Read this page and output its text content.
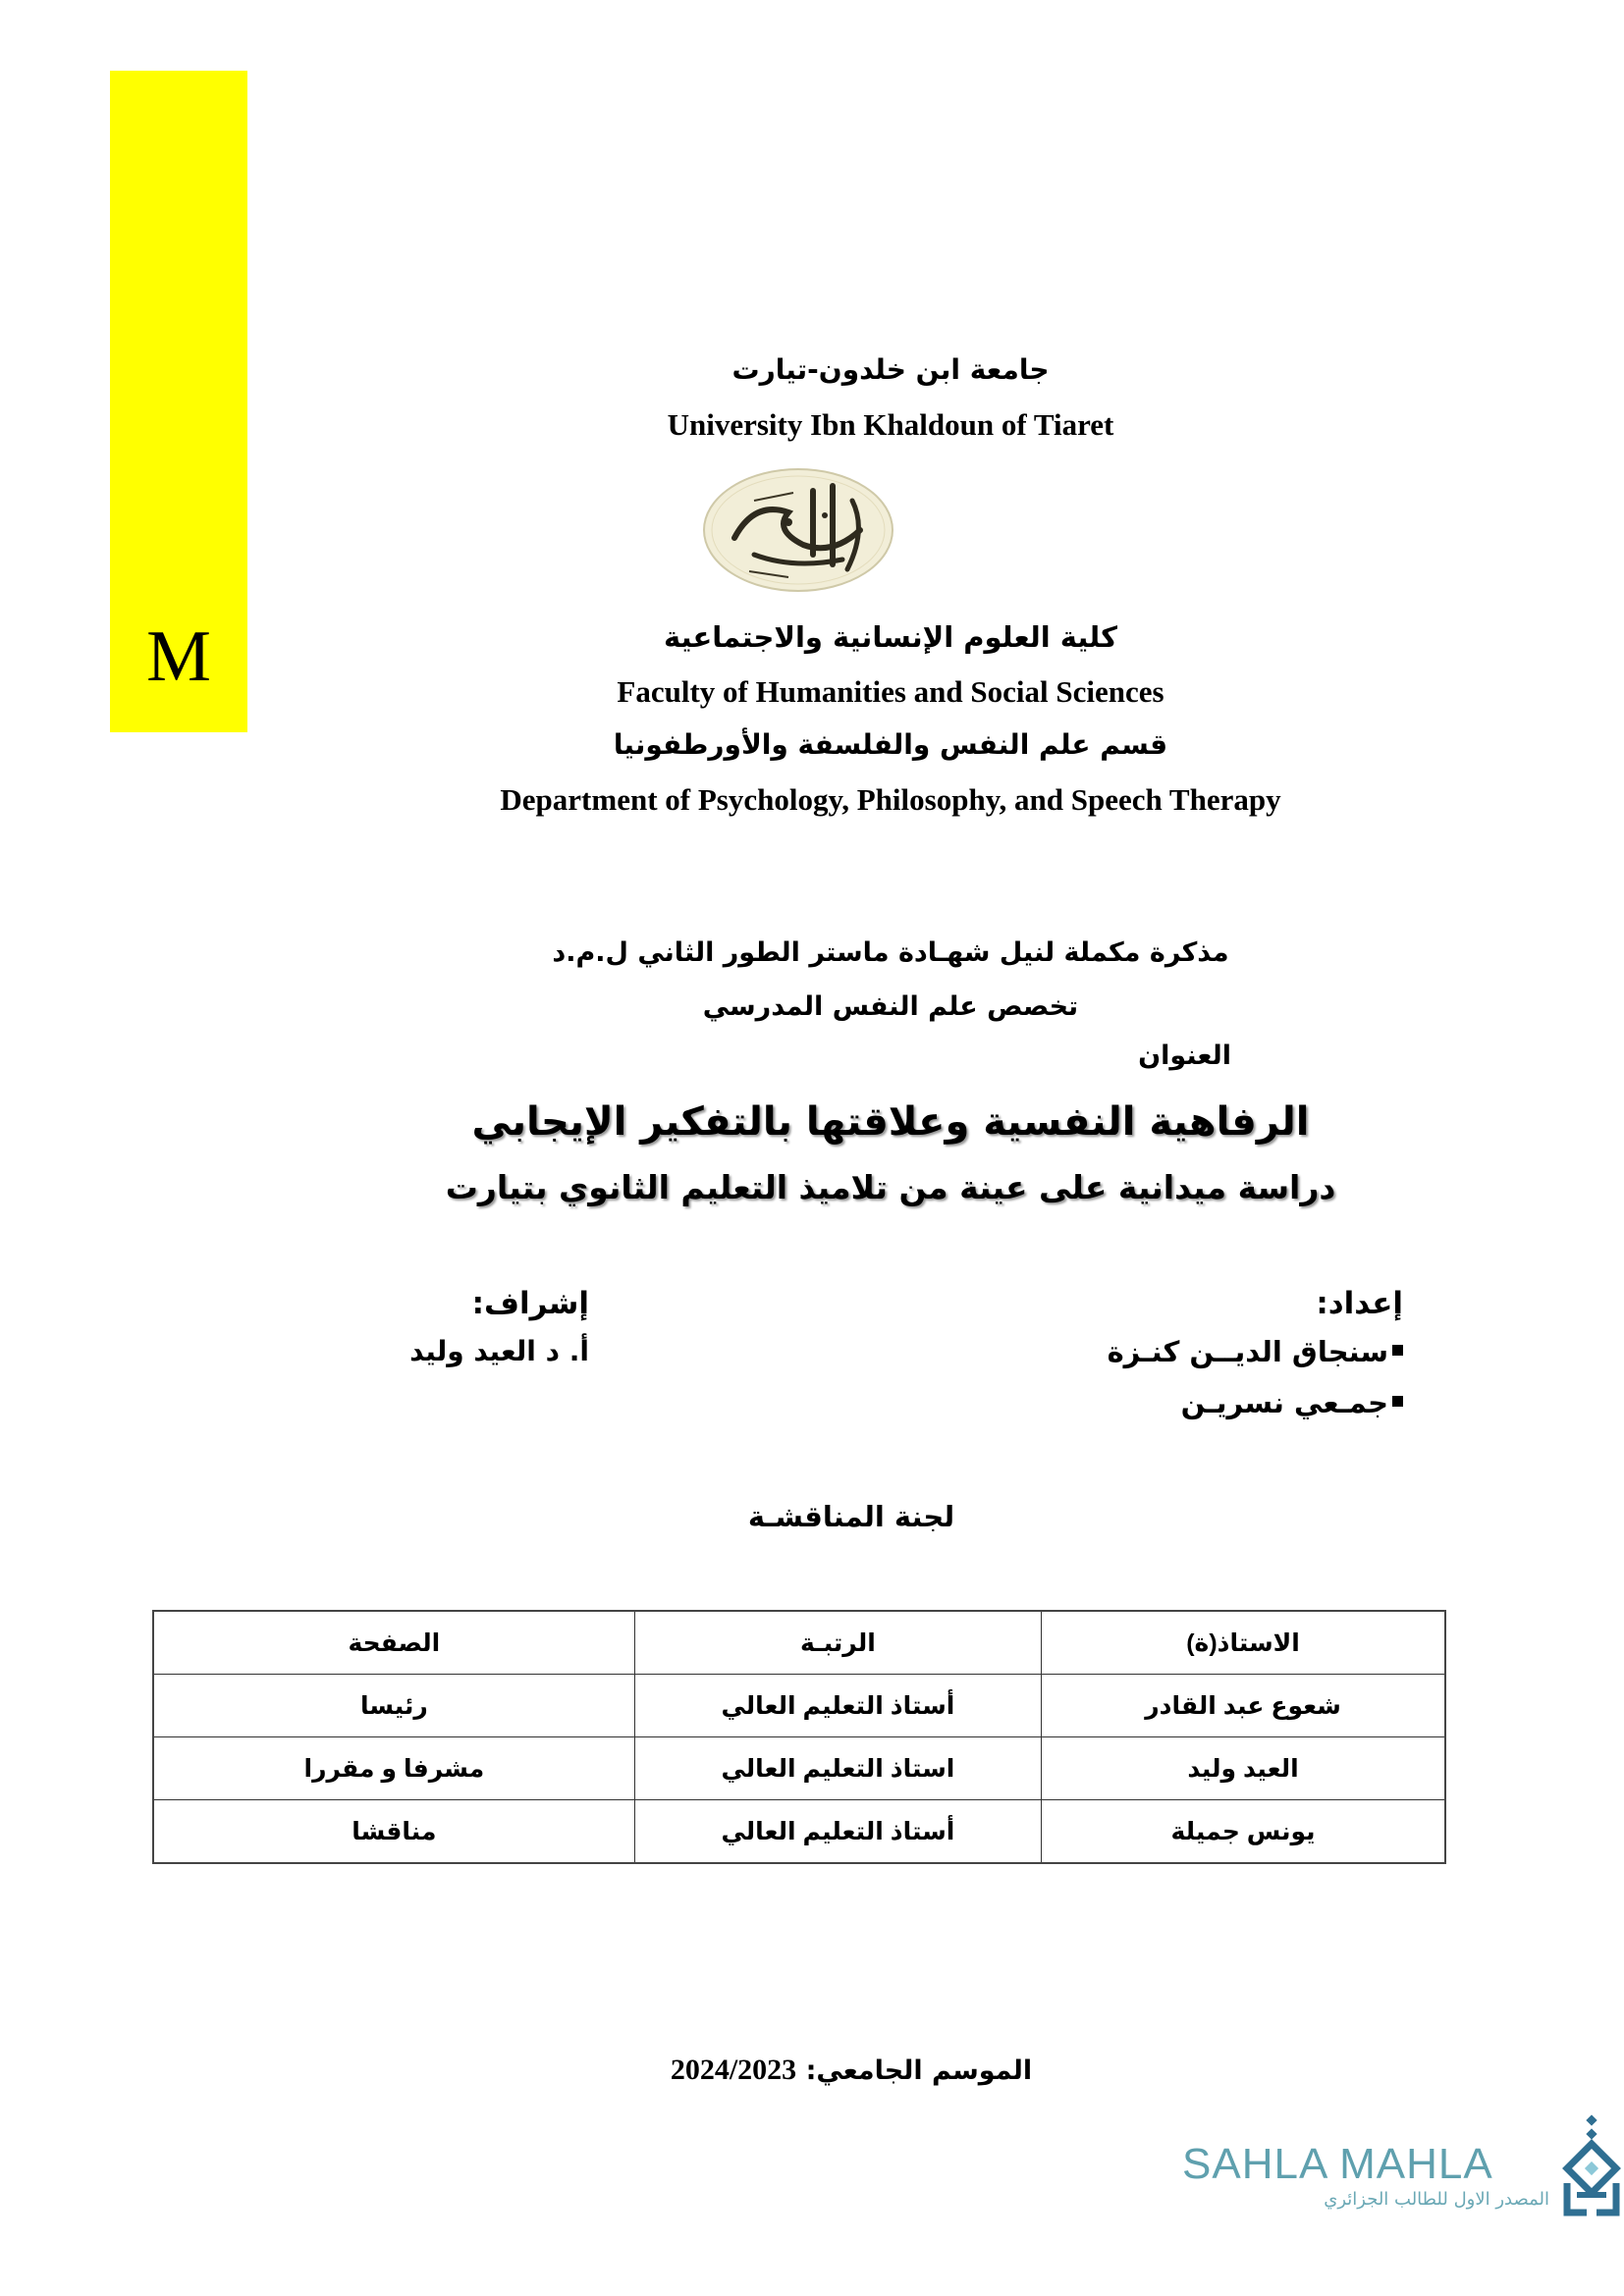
M
جامعة ابن خلدون-تيارت
University Ibn Khaldoun of Tiaret
كلية العلوم الإنسانية والاجتماعية
Faculty of Humanities and Social Sciences
قسم علم النفس والفلسفة والأورطفونيا
Department of Psychology, Philosophy, and Speech Therapy
مذكرة مكملة لنيل شهـادة ماستر الطور الثاني ل.م.د
تخصص علم النفس المدرسي
العنوان
الرفاهية النفسية وعلاقتها بالتفكير الإيجابي
دراسة ميدانية على عينة من تلاميذ التعليم الثانوي بتيارت
إعداد:
سنجاق الديــن كنـزة
جمـعي نسريـن
إشراف:
أ. د العيد وليد
لجنة المناقشـة
الاستاذ(ة)	الرتبـة	الصفحة
شعوع عبد القادر	أستاذ التعليم العالي	رئيسا
العيد وليد	استاذ التعليم العالي	مشرفا و مقررا
يونس جميلة	أستاذ التعليم العالي	مناقشا
الموسم الجامعي: 2024/2023
SAHLA MAHLA
المصدر الاول للطالب الجزائري
